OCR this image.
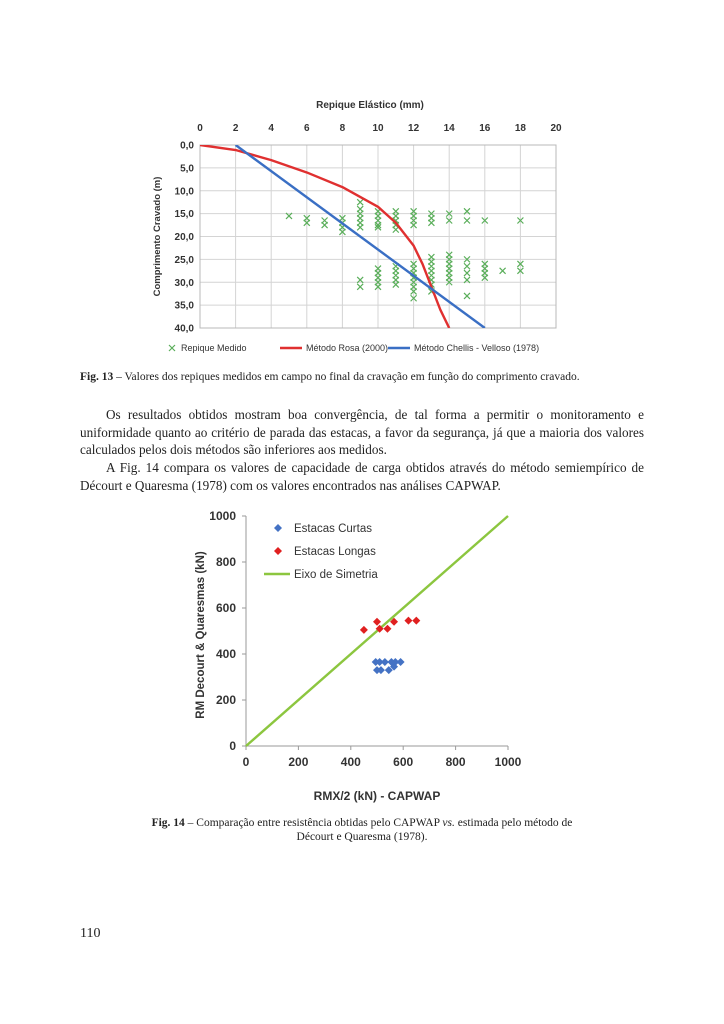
0	2	4	6	8	10 12 14 16 18 20
0,0
5,0
10,0
15,0
20,0
25,0
30,0
35,0
40,0
Repique Elástico (mm)
Comprimento Cravado (m)
Repique Medido	Método Rosa (2000)	Método Chellis - Velloso (1978)
Fig. 13 – Valores dos repiques medidos em campo no final da cravação em função do comprimento cravado.
Os resultados obtidos mostram boa convergência, de tal forma a permitir o monitoramento e uniformidade quanto ao critério de parada das estacas, a favor da segurança, já que a maioria dos valores calculados pelos dois métodos são inferiores aos medidos.
A Fig. 14 compara os valores de capacidade de carga obtidos através do método semiempírico de Décourt e Quaresma (1978) com os valores encontrados nas análises CAPWAP.
0	200	400	600	800 1000
0
200
400
600
800
1000
RMX/2 (kN) - CAPWAP
RM Decourt & Quaresmas (kN)
Estacas Curtas
Estacas Longas
Eixo de Simetria
Fig. 14 – Comparação entre resistência obtidas pelo CAPWAP vs. estimada pelo método de
Décourt e Quaresma (1978).
110
